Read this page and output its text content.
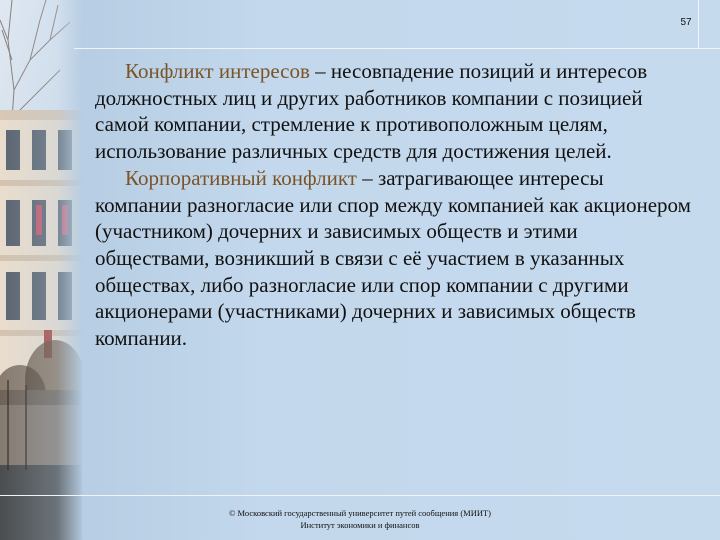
57

Конфликт интересов – несовпадение позиций и интересов должностных лиц и других работников компании с позицией самой компании, стремление к противоположным целям, использование различных средств для достижения целей.

Корпоративный конфликт – затрагивающее интересы компании разногласие или спор между компанией как акционером (участником) дочерних и зависимых обществ и этими обществами, возникший в связи с её участием в указанных обществах, либо разногласие или спор компании с другими акционерами (участниками) дочерних и зависимых обществ компании.

© Московский государственный университет путей сообщения (МИИТ)
Институт экономики и финансов
